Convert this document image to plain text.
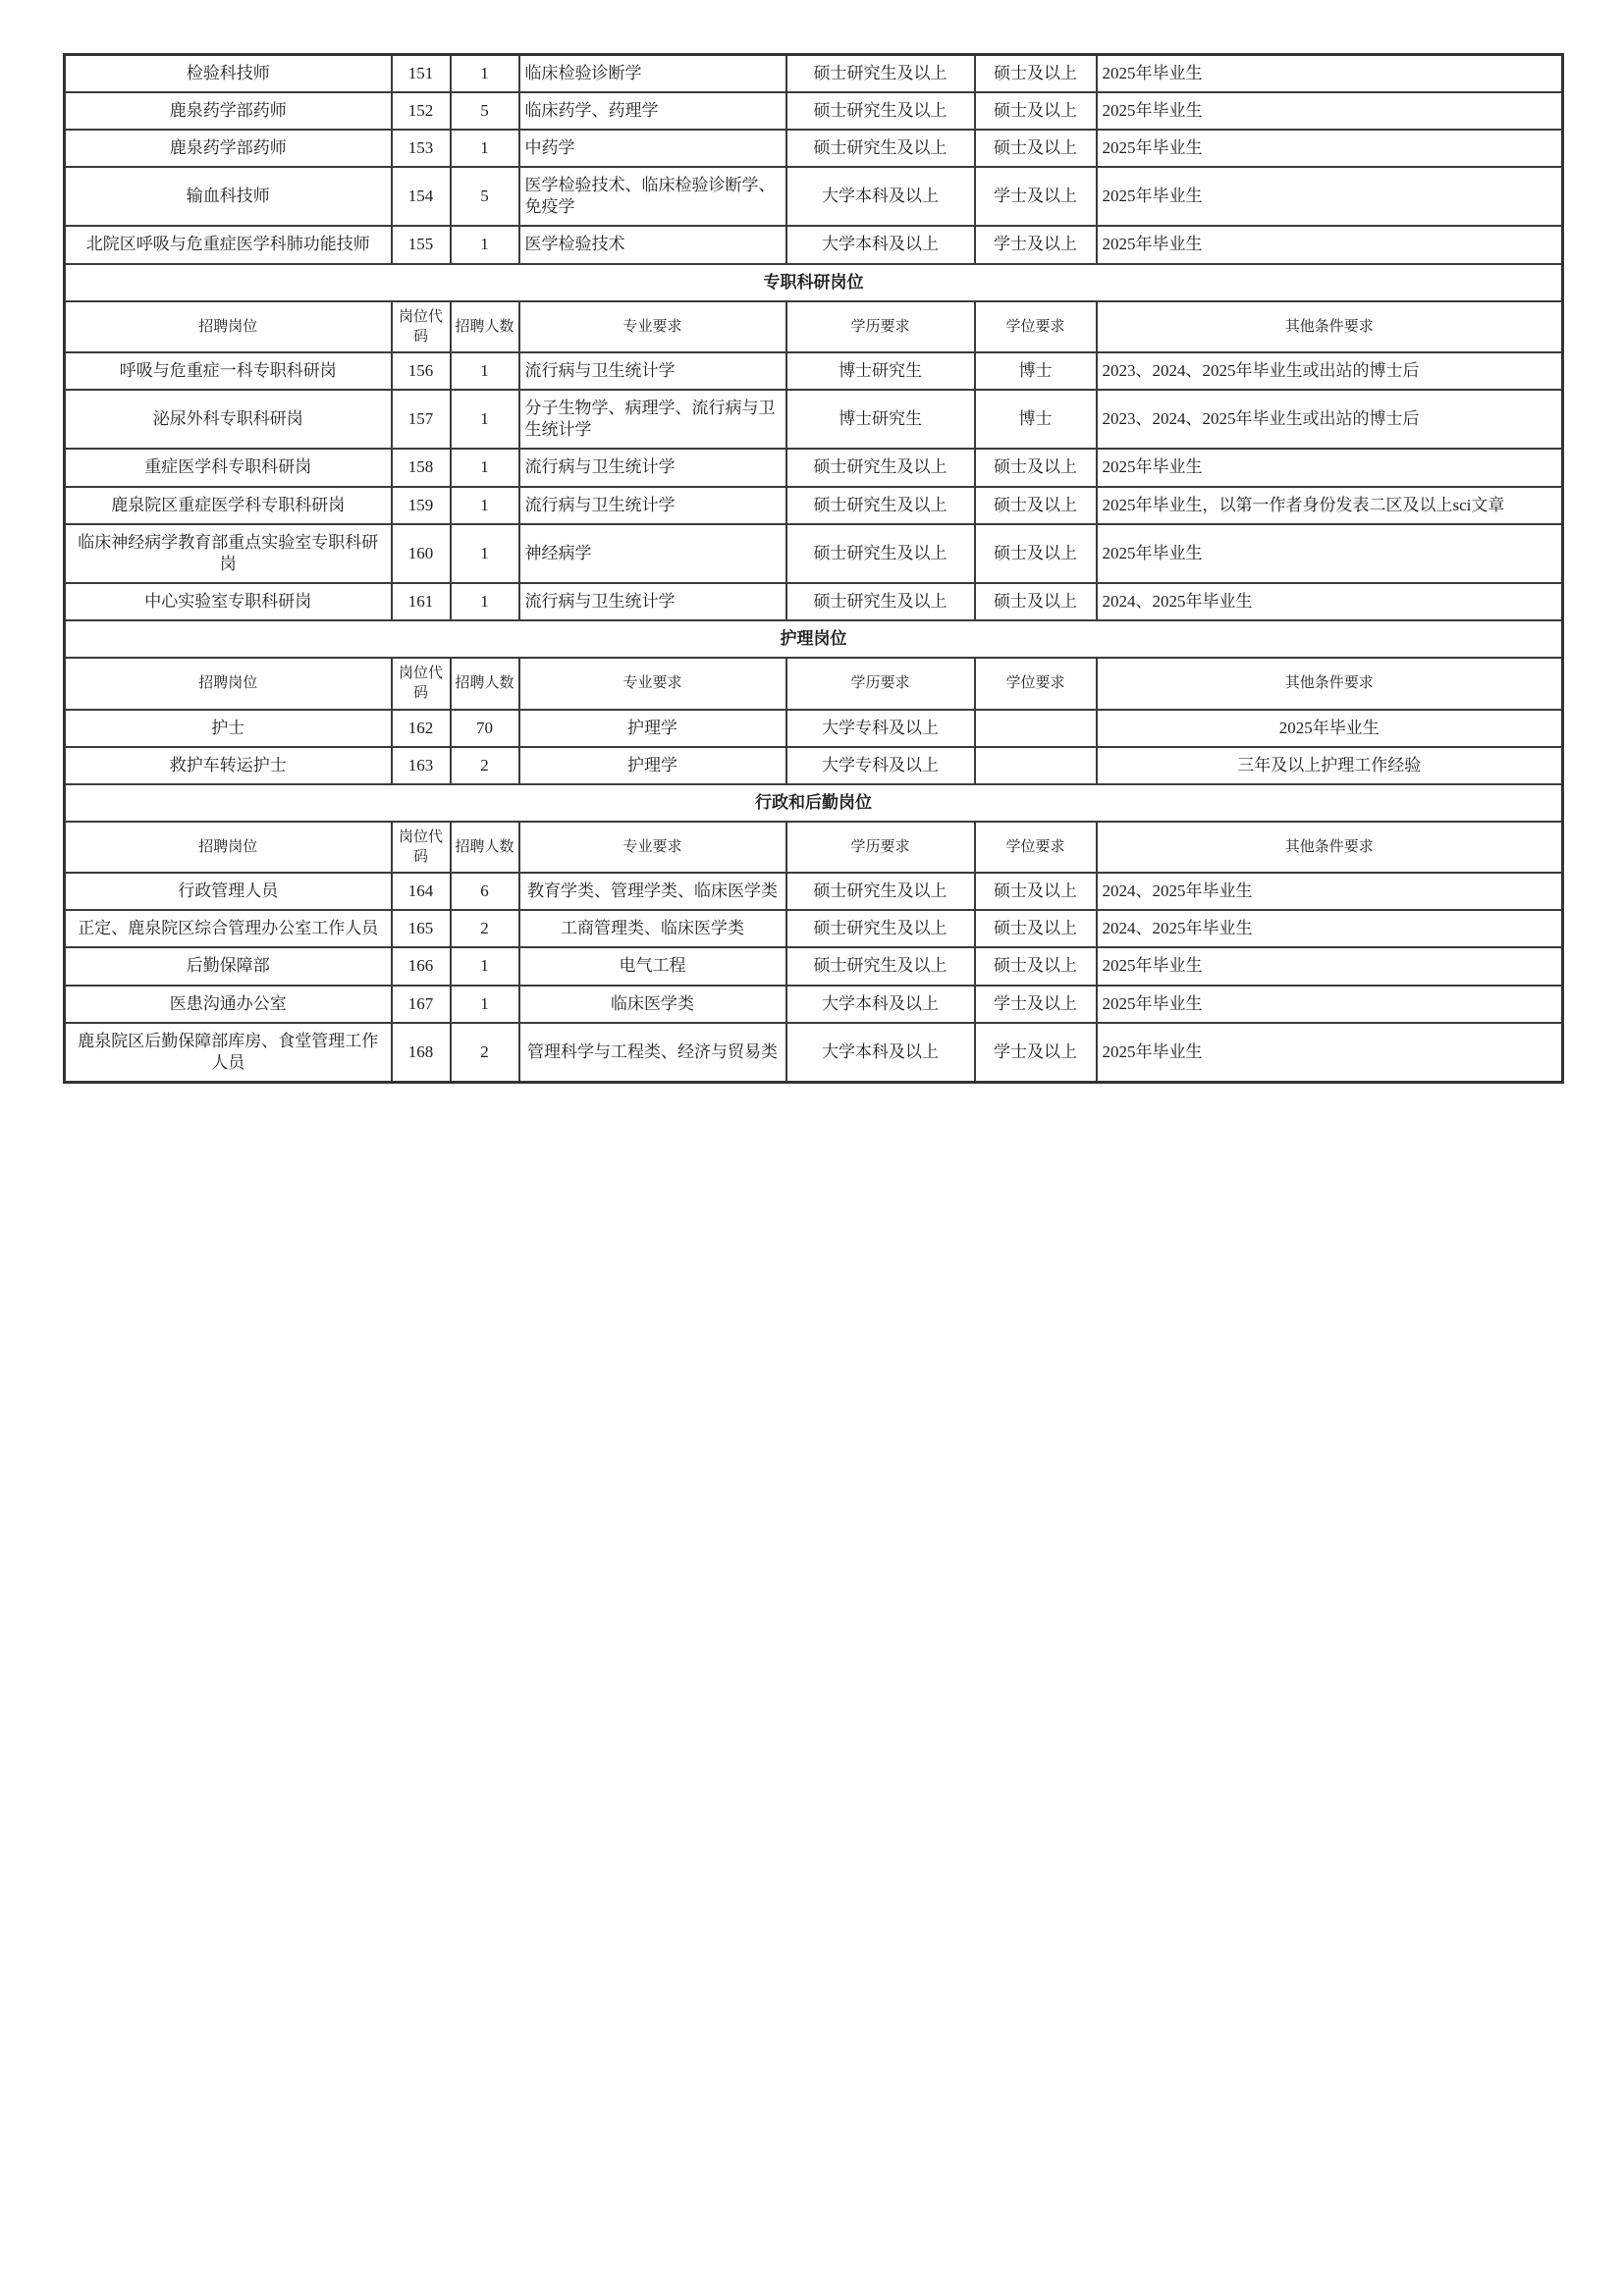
检验科技师	151	1	临床检验诊断学	硕士研究生及以上	硕士及以上	2025年毕业生
鹿泉药学部药师	152	5	临床药学、药理学	硕士研究生及以上	硕士及以上	2025年毕业生
鹿泉药学部药师	153	1	中药学	硕士研究生及以上	硕士及以上	2025年毕业生
输血科技师	154	5	医学检验技术、临床检验诊断学、免疫学	大学本科及以上	学士及以上	2025年毕业生
北院区呼吸与危重症医学科肺功能技师	155	1	医学检验技术	大学本科及以上	学士及以上	2025年毕业生
专职科研岗位						
招聘岗位	岗位代码	招聘人数	专业要求	学历要求	学位要求	其他条件要求
呼吸与危重症一科专职科研岗	156	1	流行病与卫生统计学	博士研究生	博士	2023、2024、2025年毕业生或出站的博士后
泌尿外科专职科研岗	157	1	分子生物学、病理学、流行病与卫生统计学	博士研究生	博士	2023、2024、2025年毕业生或出站的博士后
重症医学科专职科研岗	158	1	流行病与卫生统计学	硕士研究生及以上	硕士及以上	2025年毕业生
鹿泉院区重症医学科专职科研岗	159	1	流行病与卫生统计学	硕士研究生及以上	硕士及以上	2025年毕业生，以第一作者身份发表二区及以上sci文章
临床神经病学教育部重点实验室专职科研岗	160	1	神经病学	硕士研究生及以上	硕士及以上	2025年毕业生
中心实验室专职科研岗	161	1	流行病与卫生统计学	硕士研究生及以上	硕士及以上	2024、2025年毕业生
护理岗位						
招聘岗位	岗位代码	招聘人数	专业要求	学历要求	学位要求	其他条件要求
护士	162	70	护理学	大学专科及以上		2025年毕业生
救护车转运护士	163	2	护理学	大学专科及以上		三年及以上护理工作经验
行政和后勤岗位						
招聘岗位	岗位代码	招聘人数	专业要求	学历要求	学位要求	其他条件要求
行政管理人员	164	6	教育学类、管理学类、临床医学类	硕士研究生及以上	硕士及以上	2024、2025年毕业生
正定、鹿泉院区综合管理办公室工作人员	165	2	工商管理类、临床医学类	硕士研究生及以上	硕士及以上	2024、2025年毕业生
后勤保障部	166	1	电气工程	硕士研究生及以上	硕士及以上	2025年毕业生
医患沟通办公室	167	1	临床医学类	大学本科及以上	学士及以上	2025年毕业生
鹿泉院区后勤保障部库房、食堂管理工作人员	168	2	管理科学与工程类、经济与贸易类	大学本科及以上	学士及以上	2025年毕业生
